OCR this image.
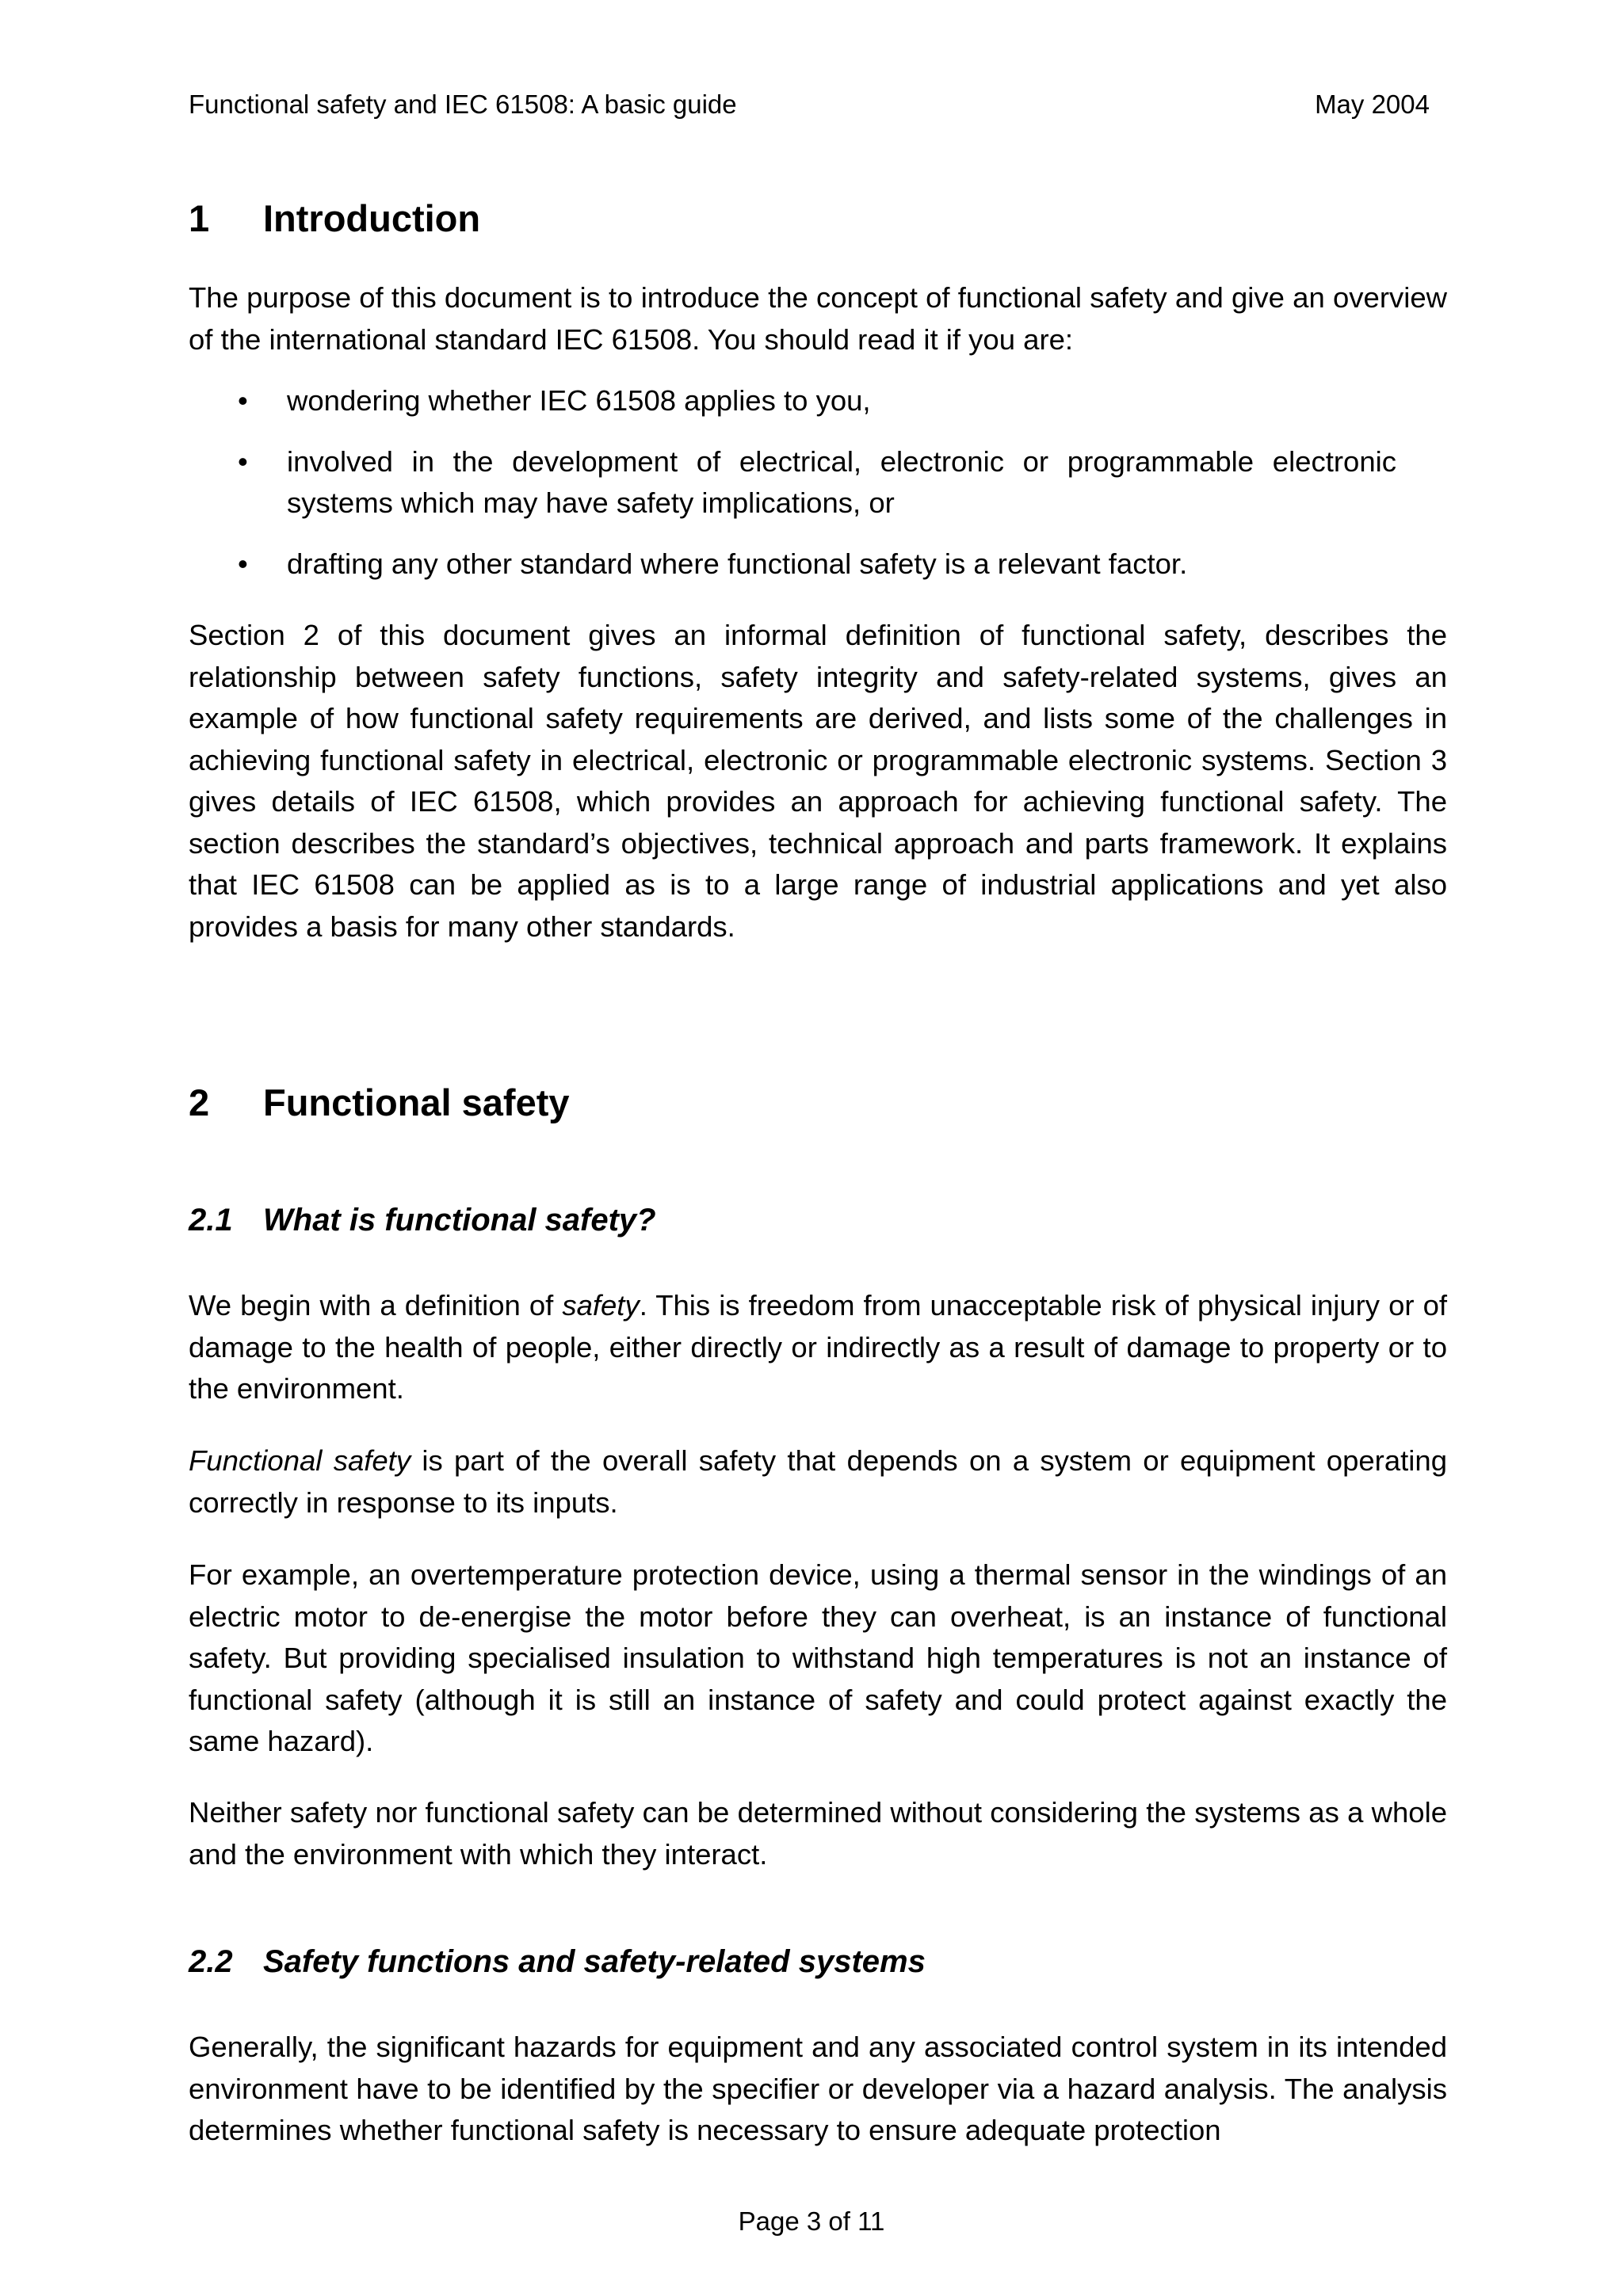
Functional safety and IEC 61508: A basic guide	May 2004
1 Introduction

The purpose of this document is to introduce the concept of functional safety and give an overview of the international standard IEC 61508. You should read it if you are:

• wondering whether IEC 61508 applies to you,
• involved in the development of electrical, electronic or programmable electronic systems which may have safety implications, or
• drafting any other standard where functional safety is a relevant factor.

Section 2 of this document gives an informal definition of functional safety, describes the relationship between safety functions, safety integrity and safety-related systems, gives an example of how functional safety requirements are derived, and lists some of the challenges in achieving functional safety in electrical, electronic or programmable electronic systems. Section 3 gives details of IEC 61508, which provides an approach for achieving functional safety. The section describes the standard’s objectives, technical approach and parts framework. It explains that IEC 61508 can be applied as is to a large range of industrial applications and yet also provides a basis for many other standards.

2 Functional safety
2.1 What is functional safety?

We begin with a definition of safety. This is freedom from unacceptable risk of physical injury or of damage to the health of people, either directly or indirectly as a result of damage to property or to the environment.

Functional safety is part of the overall safety that depends on a system or equipment operating correctly in response to its inputs.

For example, an overtemperature protection device, using a thermal sensor in the windings of an electric motor to de-energise the motor before they can overheat, is an instance of functional safety. But providing specialised insulation to withstand high temperatures is not an instance of functional safety (although it is still an instance of safety and could protect against exactly the same hazard).

Neither safety nor functional safety can be determined without considering the systems as a whole and the environment with which they interact.

2.2 Safety functions and safety-related systems

Generally, the significant hazards for equipment and any associated control system in its intended environment have to be identified by the specifier or developer via a hazard analysis. The analysis determines whether functional safety is necessary to ensure adequate protection

Page 3 of 11
